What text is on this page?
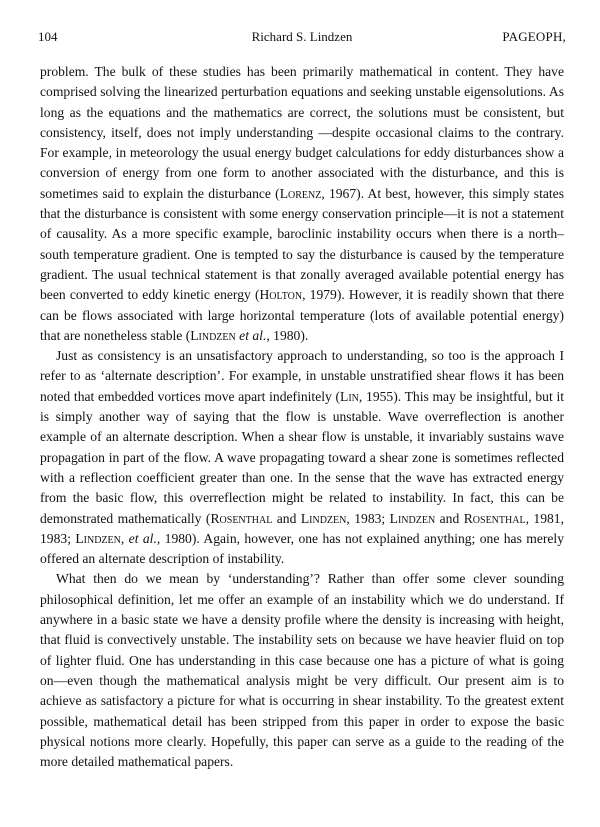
104	Richard S. Lindzen	PAGEOPH,

problem. The bulk of these studies has been primarily mathematical in content. They have comprised solving the linearized perturbation equations and seeking unstable eigensolutions. As long as the equations and the mathematics are correct, the solutions must be consistent, but consistency, itself, does not imply understanding —despite occasional claims to the contrary. For example, in meteorology the usual energy budget calculations for eddy disturbances show a conversion of energy from one form to another associated with the disturbance, and this is sometimes said to explain the disturbance (Lorenz, 1967). At best, however, this simply states that the disturbance is consistent with some energy conservation principle—it is not a statement of causality. As a more specific example, baroclinic instability occurs when there is a north–south temperature gradient. One is tempted to say the disturbance is caused by the temperature gradient. The usual technical statement is that zonally averaged available potential energy has been converted to eddy kinetic energy (Holton, 1979). However, it is readily shown that there can be flows associated with large horizontal temperature (lots of available potential energy) that are nonetheless stable (Lindzen et al., 1980).

Just as consistency is an unsatisfactory approach to understanding, so too is the approach I refer to as ‘alternate description’. For example, in unstable unstratified shear flows it has been noted that embedded vortices move apart indefinitely (Lin, 1955). This may be insightful, but it is simply another way of saying that the flow is unstable. Wave overreflection is another example of an alternate description. When a shear flow is unstable, it invariably sustains wave propagation in part of the flow. A wave propagating toward a shear zone is sometimes reflected with a reflection coefficient greater than one. In the sense that the wave has extracted energy from the basic flow, this overreflection might be related to instability. In fact, this can be demonstrated mathematically (Rosenthal and Lindzen, 1983; Lindzen and Rosenthal, 1981, 1983; Lindzen, et al., 1980). Again, however, one has not explained anything; one has merely offered an alternate description of instability.

What then do we mean by ‘understanding’? Rather than offer some clever sounding philosophical definition, let me offer an example of an instability which we do understand. If anywhere in a basic state we have a density profile where the density is increasing with height, that fluid is convectively unstable. The instability sets on because we have heavier fluid on top of lighter fluid. One has understanding in this case because one has a picture of what is going on—even though the mathematical analysis might be very difficult. Our present aim is to achieve as satisfactory a picture for what is occurring in shear instability. To the greatest extent possible, mathematical detail has been stripped from this paper in order to expose the basic physical notions more clearly. Hopefully, this paper can serve as a guide to the reading of the more detailed mathematical papers.
